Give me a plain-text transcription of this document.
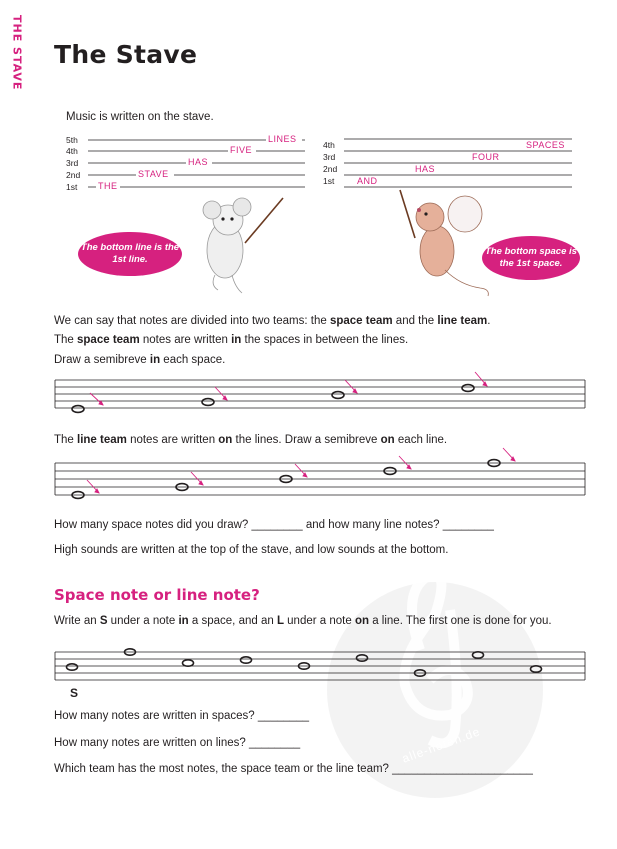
THE STAVE The Stave
Music is written on the stave.
5th
4th
3rd
2nd
1st
LINES
FIVE
HAS
STAVE
THE
The bottom line is the 1st line.
4th
3rd
2nd
1st
SPACES
FOUR
HAS
AND
The bottom space is the 1st space.
We can say that notes are divided into two teams: the space team and the line team.
The space team notes are written in the spaces in between the lines.
Draw a semibreve in each space.
The line team notes are written on the lines. Draw a semibreve on each line.
alle-noten.de
How many space notes did you draw? ________ and how many line notes? ________
High sounds are written at the top of the stave, and low sounds at the bottom.
Space note or line note?
Write an S under a note in a space, and an L under a note on a line. The first one is done for you.
S
How many notes are written in spaces? ________
How many notes are written on lines? ________
Which team has the most notes, the space team or the line team? ______________________
